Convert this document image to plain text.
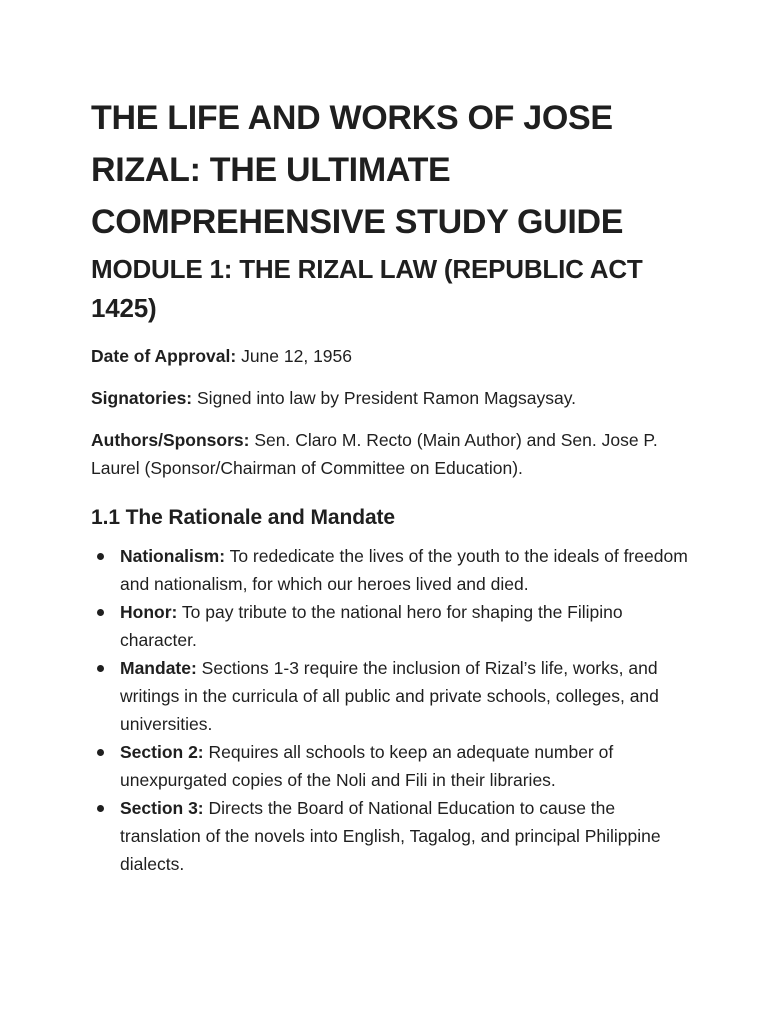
THE LIFE AND WORKS OF JOSE RIZAL: THE ULTIMATE COMPREHENSIVE STUDY GUIDE
MODULE 1: THE RIZAL LAW (REPUBLIC ACT 1425)

Date of Approval: June 12, 1956

Signatories: Signed into law by President Ramon Magsaysay.

Authors/Sponsors: Sen. Claro M. Recto (Main Author) and Sen. Jose P. Laurel (Sponsor/Chairman of Committee on Education).

1.1 The Rationale and Mandate
Nationalism: To rededicate the lives of the youth to the ideals of freedom and nationalism, for which our heroes lived and died.
Honor: To pay tribute to the national hero for shaping the Filipino character.
Mandate: Sections 1-3 require the inclusion of Rizal’s life, works, and writings in the curricula of all public and private schools, colleges, and universities.
Section 2: Requires all schools to keep an adequate number of unexpurgated copies of the Noli and Fili in their libraries.
Section 3: Directs the Board of National Education to cause the translation of the novels into English, Tagalog, and principal Philippine dialects.
